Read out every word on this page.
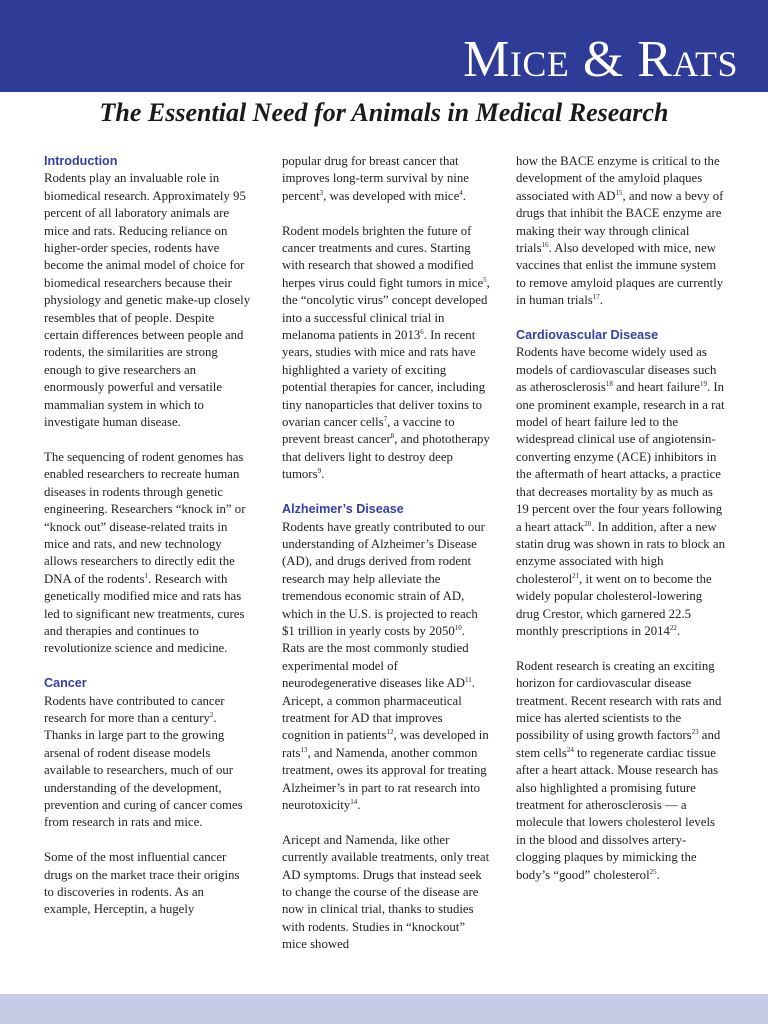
Mice & Rats
The Essential Need for Animals in Medical Research
Introduction

Rodents play an invaluable role in biomedical research. Approximately 95 percent of all laboratory animals are mice and rats. Reducing reliance on higher-order species, rodents have become the animal model of choice for biomedical researchers because their physiology and genetic make-up closely resembles that of people. Despite certain differences between people and rodents, the similarities are strong enough to give researchers an enormously powerful and versatile mammalian system in which to investigate human disease.

The sequencing of rodent genomes has enabled researchers to recreate human diseases in rodents through genetic engineering. Researchers “knock in” or “knock out” disease-related traits in mice and rats, and new technology allows researchers to directly edit the DNA of the rodents$^1$. Research with genetically modified mice and rats has led to significant new treatments, cures and therapies and continues to revolutionize science and medicine.

Cancer

Rodents have contributed to cancer research for more than a century$^2$. Thanks in large part to the growing arsenal of rodent disease models available to researchers, much of our understanding of the development, prevention and curing of cancer comes from research in rats and mice.

Some of the most influential cancer drugs on the market trace their origins to discoveries in rodents. As an example, Herceptin, a hugely

popular drug for breast cancer that improves long-term survival by nine percent$^3$, was developed with mice$^4$.

Rodent models brighten the future of cancer treatments and cures. Starting with research that showed a modified herpes virus could fight tumors in mice$^5$, the “oncolytic virus” concept developed into a successful clinical trial in melanoma patients in 2013$^6$. In recent years, studies with mice and rats have highlighted a variety of exciting potential therapies for cancer, including tiny nanoparticles that deliver toxins to ovarian cancer cells$^7$, a vaccine to prevent breast cancer$^8$, and phototherapy that delivers light to destroy deep tumors$^9$.

Alzheimer’s Disease

Rodents have greatly contributed to our understanding of Alzheimer’s Disease (AD), and drugs derived from rodent research may help alleviate the tremendous economic strain of AD, which in the U.S. is projected to reach $1 trillion in yearly costs by 2050$^{10}$. Rats are the most commonly studied experimental model of neurodegenerative diseases like AD$^{11}$. Aricept, a common pharmaceutical treatment for AD that improves cognition in patients$^{12}$, was developed in rats$^{13}$, and Namenda, another common treatment, owes its approval for treating Alzheimer’s in part to rat research into neurotoxicity$^{14}$.

Aricept and Namenda, like other currently available treatments, only treat AD symptoms. Drugs that instead seek to change the course of the disease are now in clinical trial, thanks to studies with rodents. Studies in “knockout” mice showed

how the BACE enzyme is critical to the development of the amyloid plaques associated with AD$^{15}$, and now a bevy of drugs that inhibit the BACE enzyme are making their way through clinical trials$^{16}$. Also developed with mice, new vaccines that enlist the immune system to remove amyloid plaques are currently in human trials$^{17}$.

Cardiovascular Disease

Rodents have become widely used as models of cardiovascular diseases such as atherosclerosis$^{18}$ and heart failure$^{19}$. In one prominent example, research in a rat model of heart failure led to the widespread clinical use of angiotensin-converting enzyme (ACE) inhibitors in the aftermath of heart attacks, a practice that decreases mortality by as much as 19 percent over the four years following a heart attack$^{20}$. In addition, after a new statin drug was shown in rats to block an enzyme associated with high cholesterol$^{21}$, it went on to become the widely popular cholesterol-lowering drug Crestor, which garnered 22.5 monthly prescriptions in 2014$^{22}$.

Rodent research is creating an exciting horizon for cardiovascular disease treatment. Recent research with rats and mice has alerted scientists to the possibility of using growth factors$^{23}$ and stem cells$^{24}$ to regenerate cardiac tissue after a heart attack. Mouse research has also highlighted a promising future treatment for atherosclerosis — a molecule that lowers cholesterol levels in the blood and dissolves artery-clogging plaques by mimicking the body’s “good” cholesterol$^{25}$.
